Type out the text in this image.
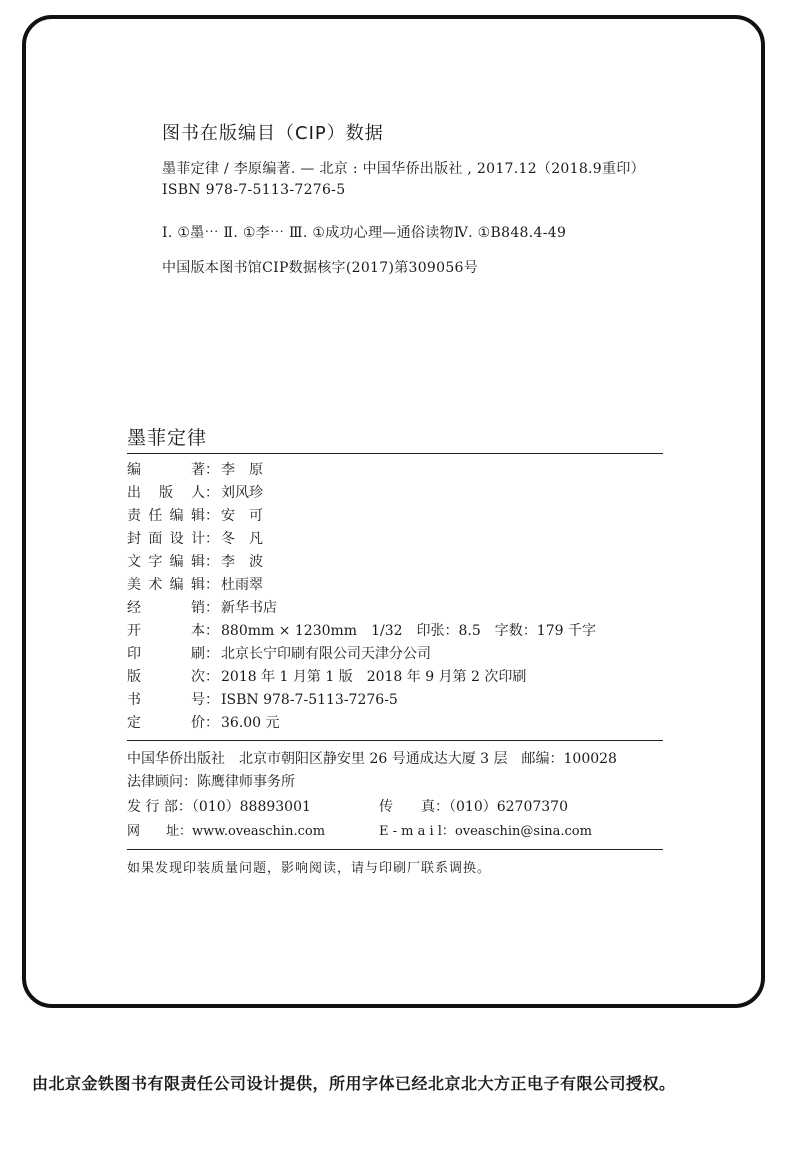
图书在版编目（CIP）数据
墨菲定律 / 李原编著. — 北京 : 中国华侨出版社 , 2017.12（2018.9重印）
ISBN 978-7-5113-7276-5
Ⅰ. ①墨⋯ Ⅱ. ①李⋯ Ⅲ. ①成功心理—通俗读物Ⅳ. ①B848.4-49
中国版本图书馆CIP数据核字(2017)第309056号
墨菲定律
编著： 李　原
出版人： 刘风珍
责任编辑： 安　可
封面设计： 冬　凡
文字编辑： 李　波
美术编辑： 杜雨翠
经销： 新华书店
开本： 880mm × 1230mm　1/32　印张：8.5　字数：179 千字
印刷： 北京长宁印刷有限公司天津分公司
版次： 2018 年 1 月第 1 版　2018 年 9 月第 2 次印刷
书号： ISBN 978-7-5113-7276-5
定价： 36.00 元
中国华侨出版社　北京市朝阳区静安里 26 号通成达大厦 3 层　邮编：100028
法律顾问：陈鹰律师事务所
发 行 部：（010）88893001	传　　真：（010）62707370
网　　址：www.oveaschin.com	E - m a i l：oveaschin@sina.com
如果发现印装质量问题，影响阅读，请与印刷厂联系调换。
由北京金铁图书有限责任公司设计提供，所用字体已经北京北大方正电子有限公司授权。
